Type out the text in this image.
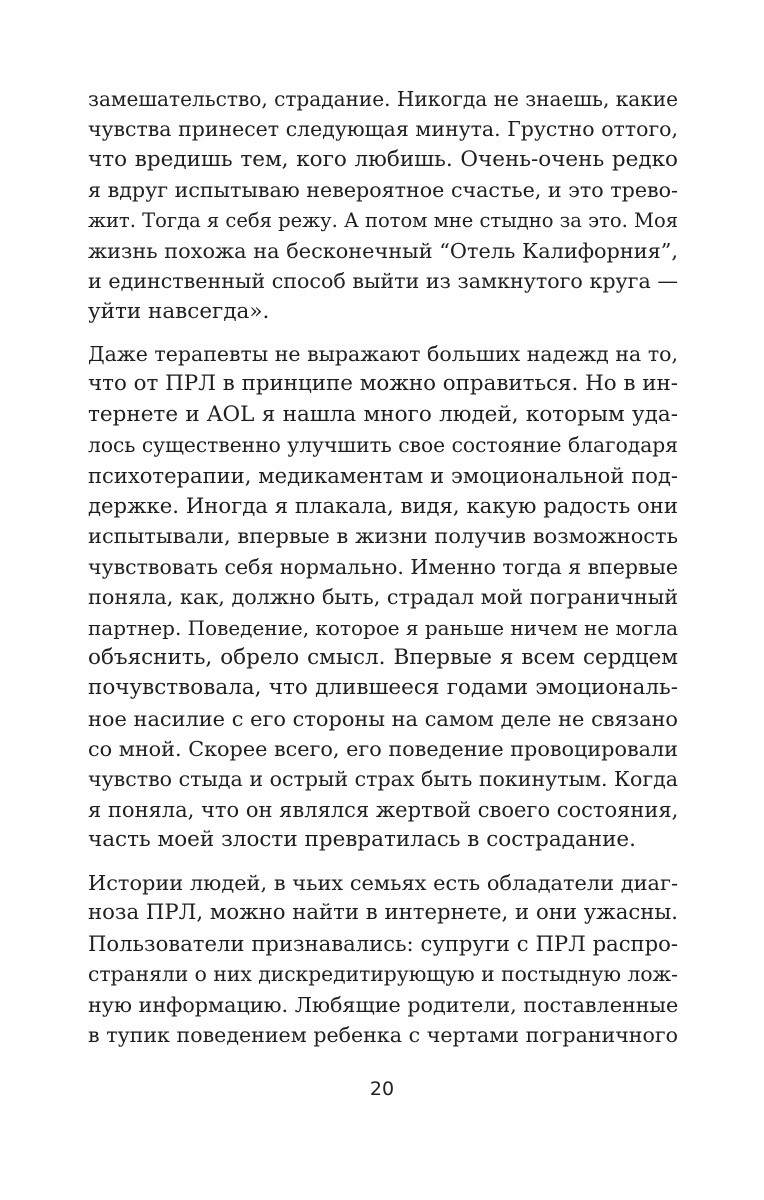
замешательство, страдание. Никогда не знаешь, какие
чувства принесет следующая минута. Грустно оттого,
что вредишь тем, кого любишь. Очень-очень редко
я вдруг испытываю невероятное счастье, и это трево-
жит. Тогда я себя режу. А потом мне стыдно за это. Моя
жизнь похожа на бесконечный “Отель Калифорния”,
и единственный способ выйти из замкнутого круга —
уйти навсегда».
Даже терапевты не выражают больших надежд на то,
что от ПРЛ в принципе можно оправиться. Но в ин-
тернете и AOL я нашла много людей, которым уда-
лось существенно улучшить свое состояние благодаря
психотерапии, медикаментам и эмоциональной под-
держке. Иногда я плакала, видя, какую радость они
испытывали, впервые в жизни получив возможность
чувствовать себя нормально. Именно тогда я впервые
поняла, как, должно быть, страдал мой пограничный
партнер. Поведение, которое я раньше ничем не могла
объяснить, обрело смысл. Впервые я всем сердцем
почувствовала, что длившееся годами эмоциональ-
ное насилие с его стороны на самом деле не связано
со мной. Скорее всего, его поведение провоцировали
чувство стыда и острый страх быть покинутым. Когда
я поняла, что он являлся жертвой своего состояния,
часть моей злости превратилась в сострадание.
Истории людей, в чьих семьях есть обладатели диаг-
ноза ПРЛ, можно найти в интернете, и они ужасны.
Пользователи признавались: супруги с ПРЛ распро-
страняли о них дискредитирующую и постыдную лож-
ную информацию. Любящие родители, поставленные
в тупик поведением ребенка с чертами пограничного
20
